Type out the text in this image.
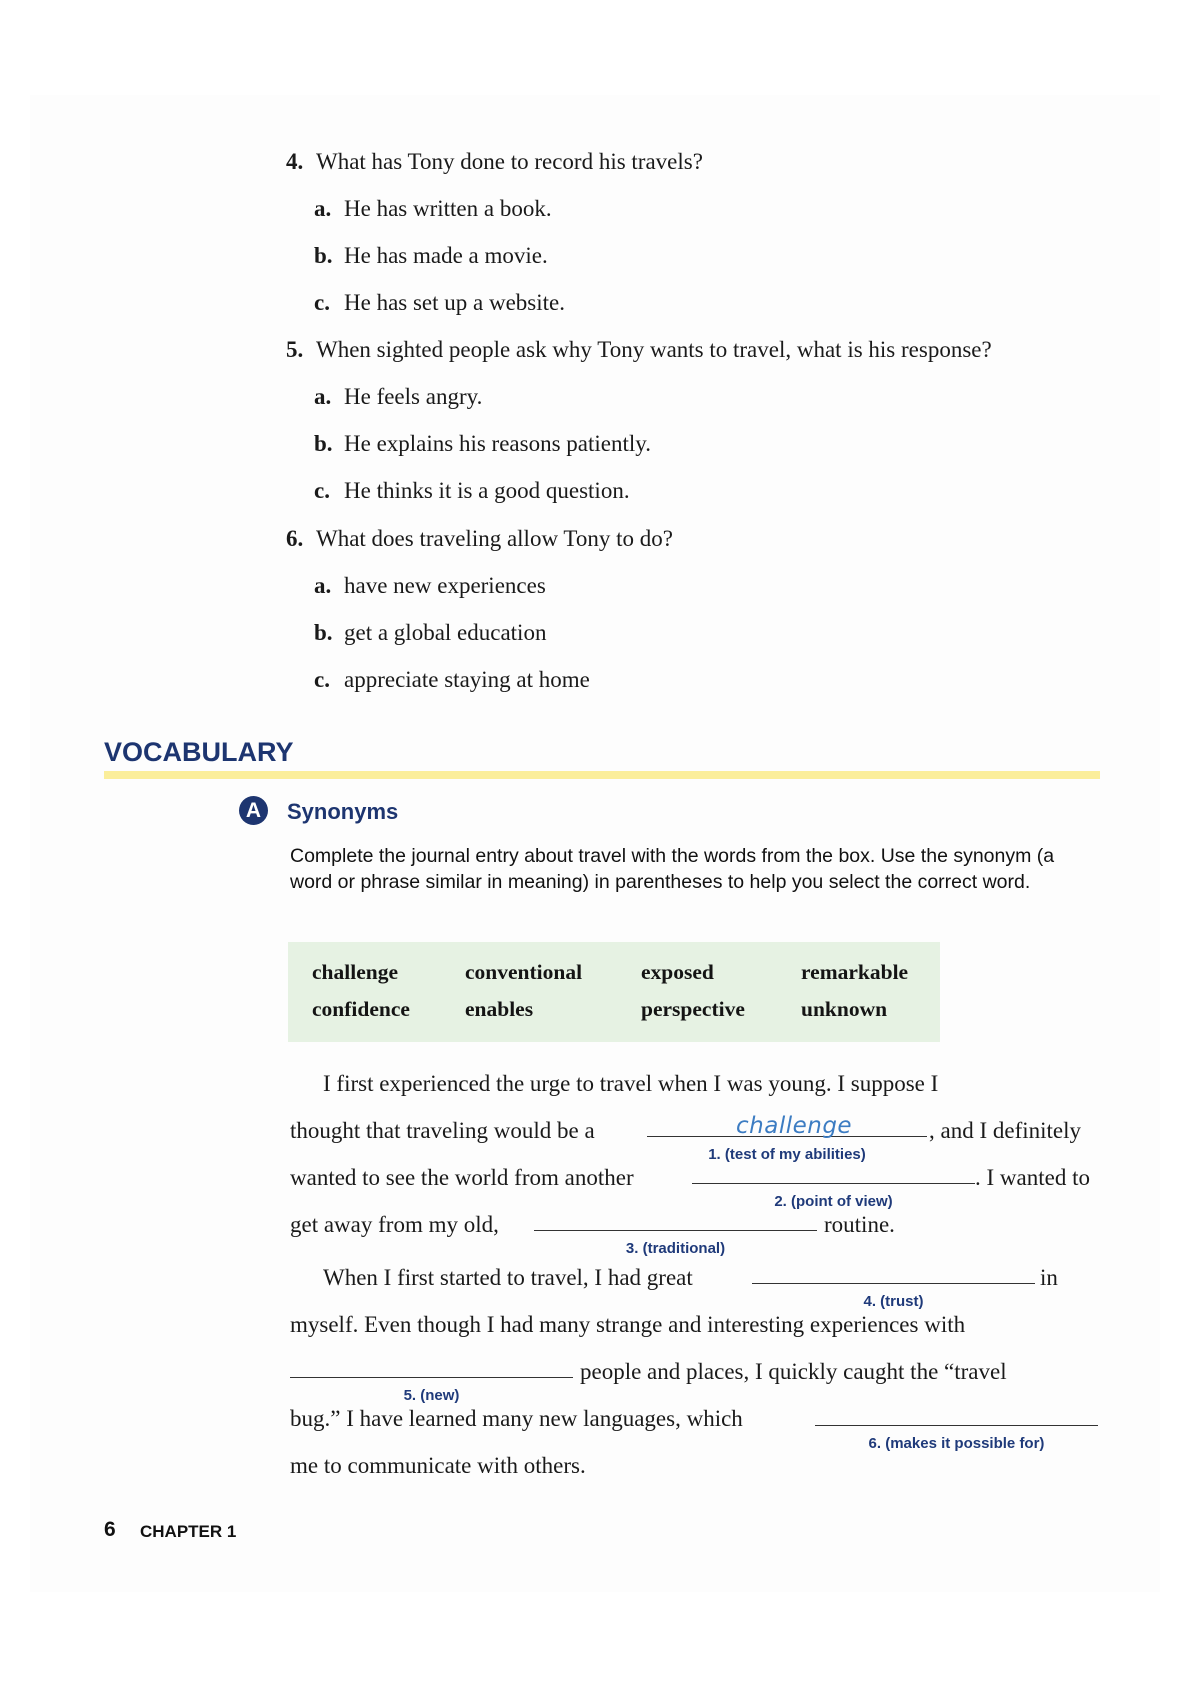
4. What has Tony done to record his travels?
a. He has written a book.
b. He has made a movie.
c. He has set up a website.
5. When sighted people ask why Tony wants to travel, what is his response?
a. He feels angry.
b. He explains his reasons patiently.
c. He thinks it is a good question.
6. What does traveling allow Tony to do?
a. have new experiences
b. get a global education
c. appreciate staying at home
VOCABULARY
A	Synonyms
Complete the journal entry about travel with the words from the box. Use the synonym (a word or phrase similar in meaning) in parentheses to help you select the correct word.
challenge	conventional	exposed	remarkable
confidence	enables	perspective	unknown
I first experienced the urge to travel when I was young. I suppose I
thought that traveling would be a	challenge	, and I definitely
1. (test of my abilities)
wanted to see the world from another	. I wanted to
2. (point of view)
get away from my old,	routine.
3. (traditional)
When I first started to travel, I had great	in
4. (trust)
myself. Even though I had many strange and interesting experiences with
people and places, I quickly caught the “travel
5. (new)
bug.” I have learned many new languages, which
6. (makes it possible for)
me to communicate with others.
6 CHAPTER 1
